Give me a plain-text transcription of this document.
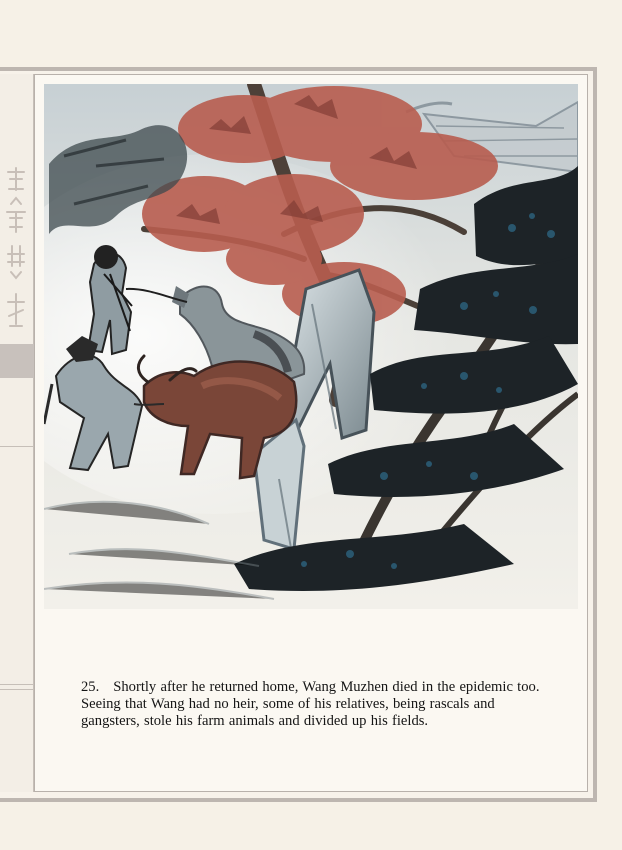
25. Shortly after he returned home, Wang Muzhen died in the epidemic too. Seeing that Wang had no heir, some of his relatives, being rascals and gangsters, stole his farm animals and divided up his fields.
